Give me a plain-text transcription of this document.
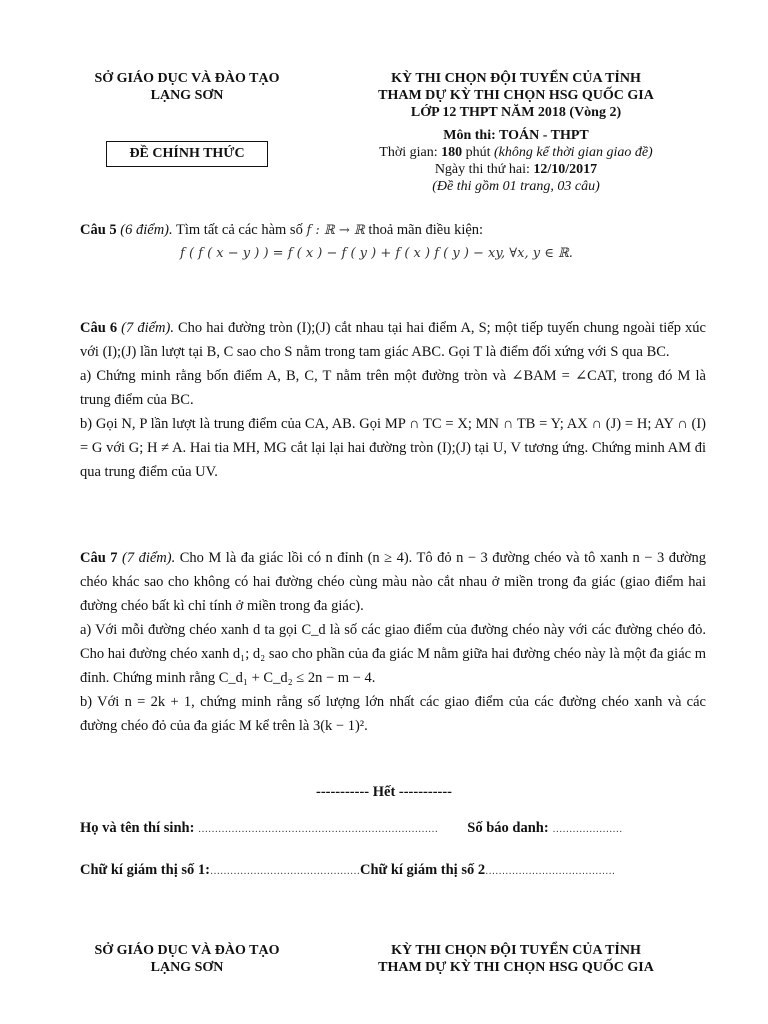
SỞ GIÁO DỤC VÀ ĐÀO TẠO
LẠNG SƠN
KỲ THI CHỌN ĐỘI TUYỂN CỦA TỈNH
THAM DỰ KỲ THI CHỌN HSG QUỐC GIA
LỚP 12 THPT NĂM 2018 (Vòng 2)
Môn thi: TOÁN - THPT
Thời gian: 180 phút (không kể thời gian giao đề)
Ngày thi thứ hai: 12/10/2017
(Đề thi gồm 01 trang, 03 câu)
ĐỀ CHÍNH THỨC

Câu 5 (6 điểm). Tìm tất cả các hàm số f : ℝ → ℝ thoả mãn điều kiện:

f ( f ( x − y ) ) = f ( x ) − f ( y ) + f ( x ) f ( y ) − xy, ∀x, y ∈ ℝ.

Câu 6 (7 điểm). Cho hai đường tròn (I);(J) cắt nhau tại hai điểm A, S; một tiếp tuyến chung ngoài tiếp xúc với (I);(J) lần lượt tại B, C sao cho S nằm trong tam giác ABC. Gọi T là điểm đối xứng với S qua BC.

a) Chứng minh rằng bốn điểm A, B, C, T nằm trên một đường tròn và ∠BAM = ∠CAT, trong đó M là trung điểm của BC.

b) Gọi N, P lần lượt là trung điểm của CA, AB. Gọi MP ∩ TC = X; MN ∩ TB = Y; AX ∩ (J) = H; AY ∩ (I) = G với G; H ≠ A. Hai tia MH, MG cắt lại lại hai đường tròn (I);(J) tại U, V tương ứng. Chứng minh AM đi qua trung điểm của UV.

Câu 7 (7 điểm). Cho M là đa giác lồi có n đỉnh (n ≥ 4). Tô đỏ n − 3 đường chéo và tô xanh n − 3 đường chéo khác sao cho không có hai đường chéo cùng màu nào cắt nhau ở miền trong đa giác (giao điểm hai đường chéo bất kì chỉ tính ở miền trong đa giác).

a) Với mỗi đường chéo xanh d ta gọi C_d là số các giao điểm của đường chéo này với các đường chéo đỏ. Cho hai đường chéo xanh d₁; d₂ sao cho phần của đa giác M nằm giữa hai đường chéo này là một đa giác m đỉnh. Chứng minh rằng C_d₁ + C_d₂ ≤ 2n − m − 4.

b) Với n = 2k + 1, chứng minh rằng số lượng lớn nhất các giao điểm của các đường chéo xanh và các đường chéo đỏ của đa giác M kể trên là 3(k − 1)².

----------- Hết -----------
Họ và tên thí sinh: ……………………………………………………………… Số báo danh: …………………
Chữ kí giám thị số 1:………………………………………Chữ kí giám thị số 2…………………………………
SỞ GIÁO DỤC VÀ ĐÀO TẠO
LẠNG SƠN
KỲ THI CHỌN ĐỘI TUYỂN CỦA TỈNH
THAM DỰ KỲ THI CHỌN HSG QUỐC GIA
